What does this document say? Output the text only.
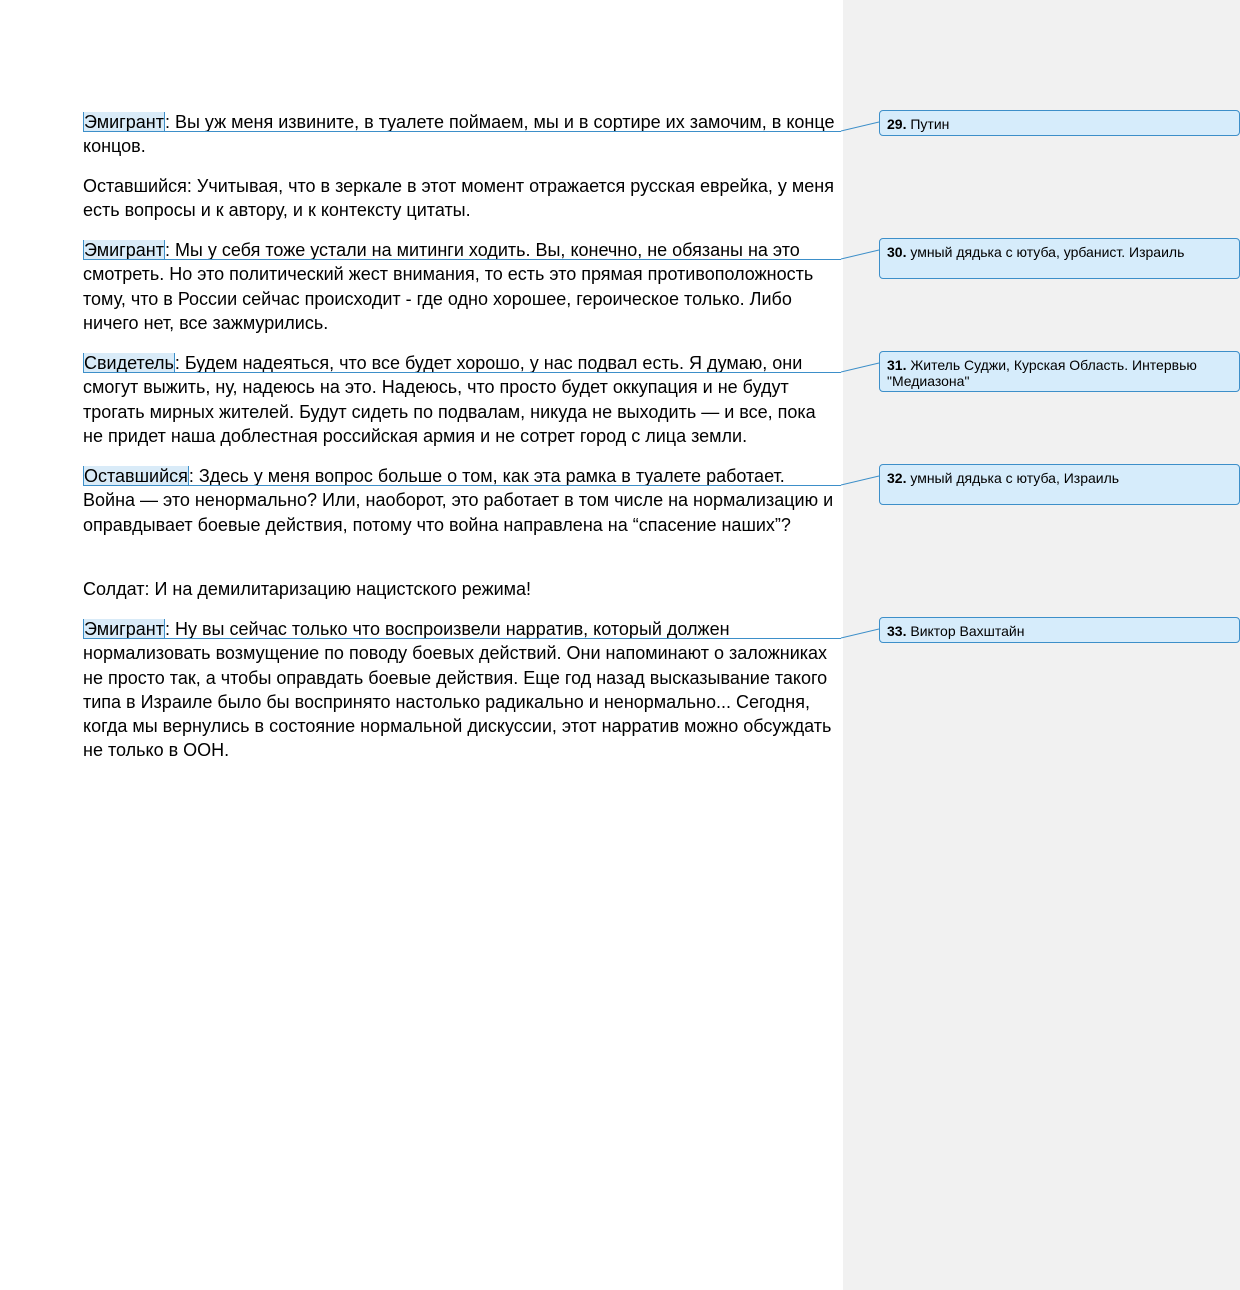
Эмигрант: Вы уж меня извините, в туалете поймаем, мы и в сортире их замочим, в конце концов.

Оставшийся: Учитывая, что в зеркале в этот момент отражается русская еврейка, у меня есть вопросы и к автору, и к контексту цитаты.

Эмигрант: Мы у себя тоже устали на митинги ходить. Вы, конечно, не обязаны на это смотреть. Но это политический жест внимания, то есть это прямая противоположность тому, что в России сейчас происходит - где одно хорошее, героическое только. Либо ничего нет, все зажмурились.

Свидетель: Будем надеяться, что все будет хорошо, у нас подвал есть. Я думаю, они смогут выжить, ну, надеюсь на это. Надеюсь, что просто будет оккупация и не будут трогать мирных жителей. Будут сидеть по подвалам, никуда не выходить — и все, пока не придет наша доблестная российская армия и не сотрет город с лица земли.

Оставшийся: Здесь у меня вопрос больше о том, как эта рамка в туалете работает. Война — это ненормально? Или, наоборот, это работает в том числе на нормализацию и оправдывает боевые действия, потому что война направлена на “спасение наших”?

Солдат: И на демилитаризацию нацистского режима!

Эмигрант: Ну вы сейчас только что воспроизвели нарратив, который должен нормализовать возмущение по поводу боевых действий. Они напоминают о заложниках не просто так, а чтобы оправдать боевые действия. Еще год назад высказывание такого типа в Израиле было бы воспринято настолько радикально и ненормально... Сегодня, когда мы вернулись в состояние нормальной дискуссии, этот нарратив можно обсуждать не только в ООН.

29. Путин
30. умный дядька с ютуба, урбанист. Израиль
31. Житель Суджи, Курская Область. Интервью "Медиазона"
32. умный дядька с ютуба, Израиль
33. Виктор Вахштайн
